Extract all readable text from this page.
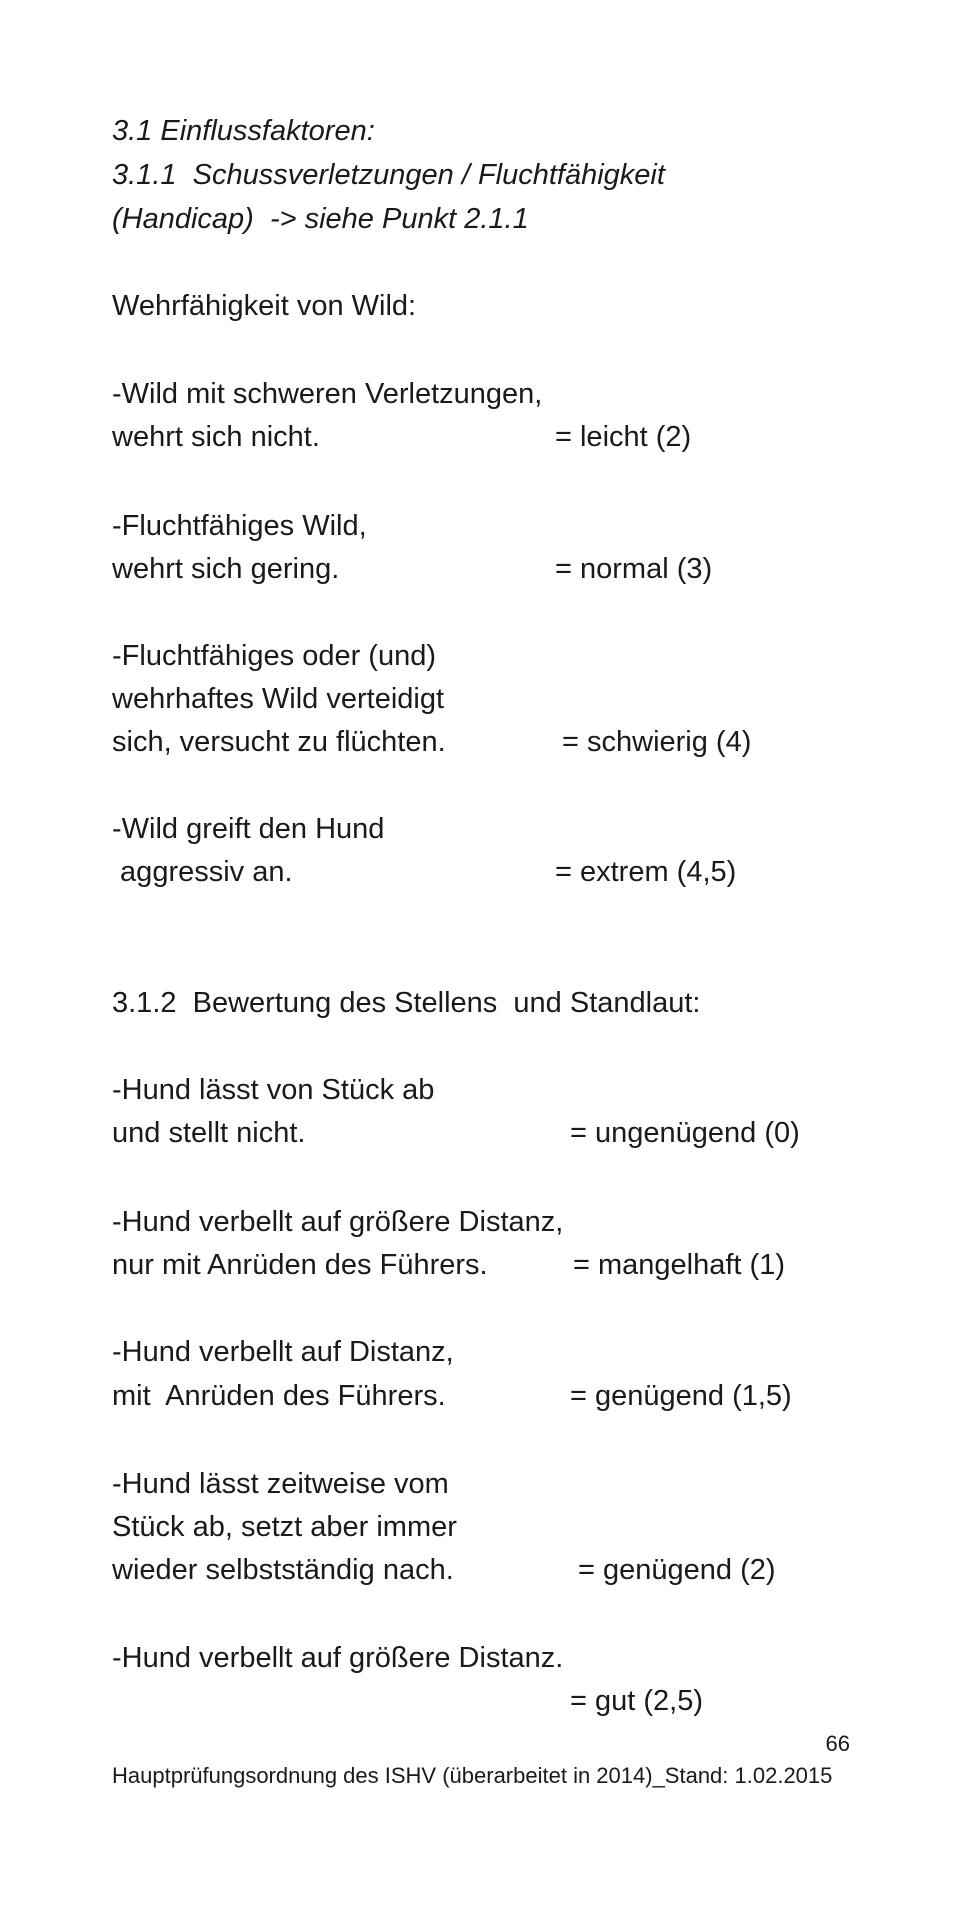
3.1 Einflussfaktoren:
3.1.1  Schussverletzungen / Fluchtfähigkeit
(Handicap)  -> siehe Punkt 2.1.1
Wehrfähigkeit von Wild:
-Wild mit schweren Verletzungen,
wehrt sich nicht.	= leicht (2)
-Fluchtfähiges Wild,
wehrt sich gering.	= normal (3)
-Fluchtfähiges oder (und)
wehrhaftes Wild verteidigt
sich, versucht zu flüchten.	= schwierig (4)
-Wild greift den Hund
aggressiv an.	= extrem (4,5)
3.1.2  Bewertung des Stellens  und Standlaut:
-Hund lässt von Stück ab
und stellt nicht.	= ungenügend (0)
-Hund verbellt auf größere Distanz,
nur mit Anrüden des Führers.	= mangelhaft (1)
-Hund verbellt auf Distanz,
mit  Anrüden des Führers.	= genügend (1,5)
-Hund lässt zeitweise vom
Stück ab, setzt aber immer
wieder selbstständig nach.	= genügend (2)
-Hund verbellt auf größere Distanz.
= gut (2,5)
66
Hauptprüfungsordnung des ISHV (überarbeitet in 2014)_Stand: 1.02.2015
